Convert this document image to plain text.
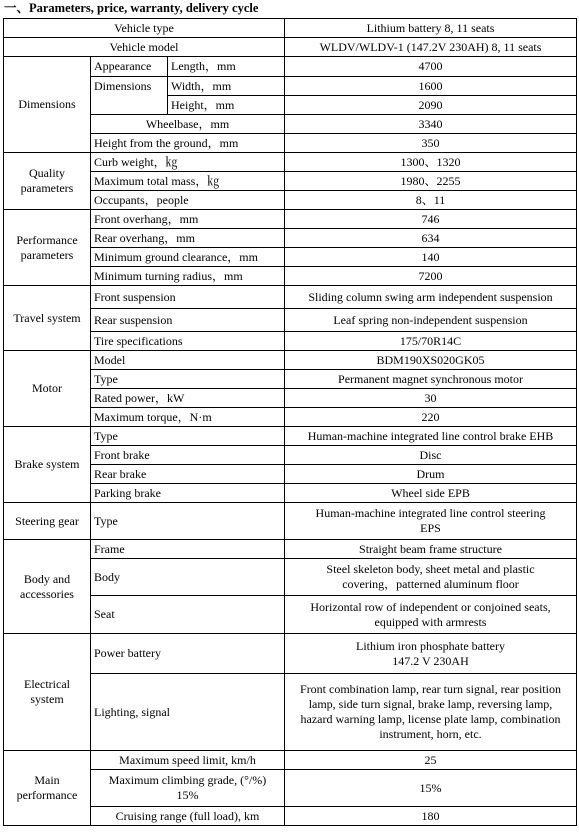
一、Parameters, price, warranty, delivery cycle
Vehicle type			Lithium battery 8, 11 seats
Vehicle model			WLDV/WLDV-1 (147.2V 230AH) 8, 11 seats
Dimensions	Appearance	Length，mm	4700
	Dimensions	Width，mm	1600
		Height，mm	2090
	Wheelbase，mm		3340
	Height from the ground，mm		350
Quality parameters	Curb weight，㎏		1300、1320
	Maximum total mass，㎏		1980、2255
	Occupants，people		8、11
Performance parameters	Front overhang，mm		746
	Rear overhang，mm		634
	Minimum ground clearance，mm		140
	Minimum turning radius，mm		7200
Travel system	Front suspension		Sliding column swing arm independent suspension
	Rear suspension		Leaf spring non-independent suspension
	Tire specifications		175/70R14C
Motor	Model		BDM190XS020GK05
	Type		Permanent magnet synchronous motor
	Rated power，kW		30
	Maximum torque，N·m		220
Brake system	Type		Human-machine integrated line control brake EHB
	Front brake		Disc
	Rear brake		Drum
	Parking brake		Wheel side EPB
Steering gear	Type		Human-machine integrated line control steering
EPS

Body and accessories	Frame		Straight beam frame structure
	Body		Steel skeleton body, sheet metal and plastic
covering，patterned aluminum floor

	Seat		Horizontal row of independent or conjoined seats,
equipped with armrests

Electrical system	Power battery		Lithium iron phosphate battery
147.2 V 230AH

	Lighting, signal		Front combination lamp, rear turn signal, rear position
lamp, side turn signal, brake lamp, reversing lamp,
hazard warning lamp, license plate lamp, combination
instrument, horn, etc.

Main performance	Maximum speed limit, km/h		25

	Maximum climbing grade, (°/%)
15%		15%
	Cruising range (full load), km		180
